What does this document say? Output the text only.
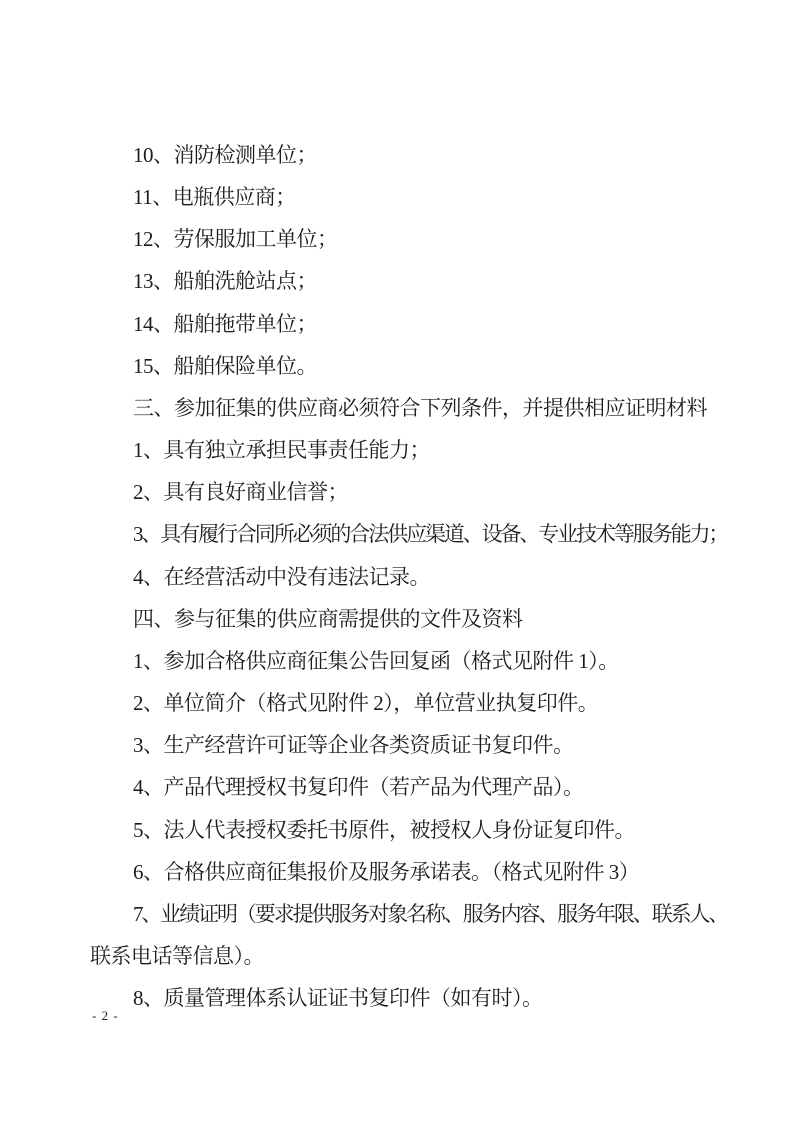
10、消防检测单位；

11、电瓶供应商；

12、劳保服加工单位；

13、船舶洗舱站点；

14、船舶拖带单位；

15、船舶保险单位。

三、参加征集的供应商必须符合下列条件，并提供相应证明材料

1、具有独立承担民事责任能力；

2、具有良好商业信誉；

3、具有履行合同所必须的合法供应渠道、设备、专业技术等服务能力；

4、在经营活动中没有违法记录。

四、参与征集的供应商需提供的文件及资料

1、参加合格供应商征集公告回复函（格式见附件 1）。

2、单位简介（格式见附件 2），单位营业执复印件。

3、生产经营许可证等企业各类资质证书复印件。

4、产品代理授权书复印件（若产品为代理产品）。

5、法人代表授权委托书原件，被授权人身份证复印件。

6、合格供应商征集报价及服务承诺表。（格式见附件 3）

7、业绩证明（要求提供服务对象名称、服务内容、服务年限、联系人、

联系电话等信息）。

8、质量管理体系认证证书复印件（如有时）。

- 2 -
